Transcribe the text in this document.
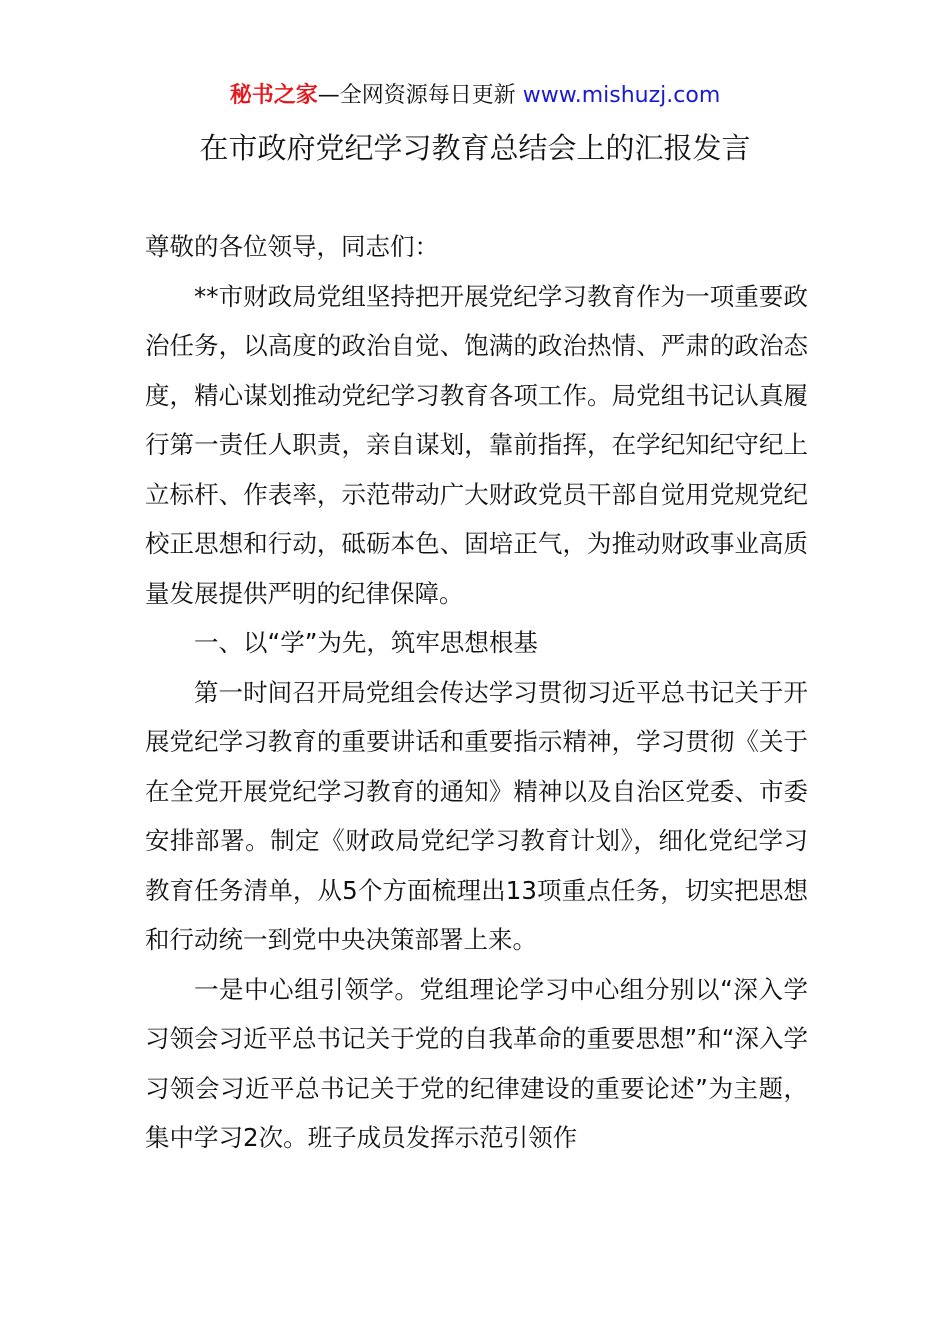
秘书之家—全网资源每日更新 www.mishuzj.com
在市政府党纪学习教育总结会上的汇报发言

尊敬的各位领导，同志们：

**市财政局党组坚持把开展党纪学习教育作为一项重要政治任务，以高度的政治自觉、饱满的政治热情、严肃的政治态度，精心谋划推动党纪学习教育各项工作。局党组书记认真履行第一责任人职责，亲自谋划，靠前指挥，在学纪知纪守纪上立标杆、作表率，示范带动广大财政党员干部自觉用党规党纪校正思想和行动，砥砺本色、固培正气，为推动财政事业高质量发展提供严明的纪律保障。

一、以“学”为先，筑牢思想根基

第一时间召开局党组会传达学习贯彻习近平总书记关于开展党纪学习教育的重要讲话和重要指示精神，学习贯彻《关于在全党开展党纪学习教育的通知》精神以及自治区党委、市委安排部署。制定《财政局党纪学习教育计划》，细化党纪学习教育任务清单，从5个方面梳理出13项重点任务，切实把思想和行动统一到党中央决策部署上来。

一是中心组引领学。党组理论学习中心组分别以“深入学习领会习近平总书记关于党的自我革命的重要思想”和“深入学习领会习近平总书记关于党的纪律建设的重要论述”为主题，集中学习2次。班子成员发挥示范引领作
